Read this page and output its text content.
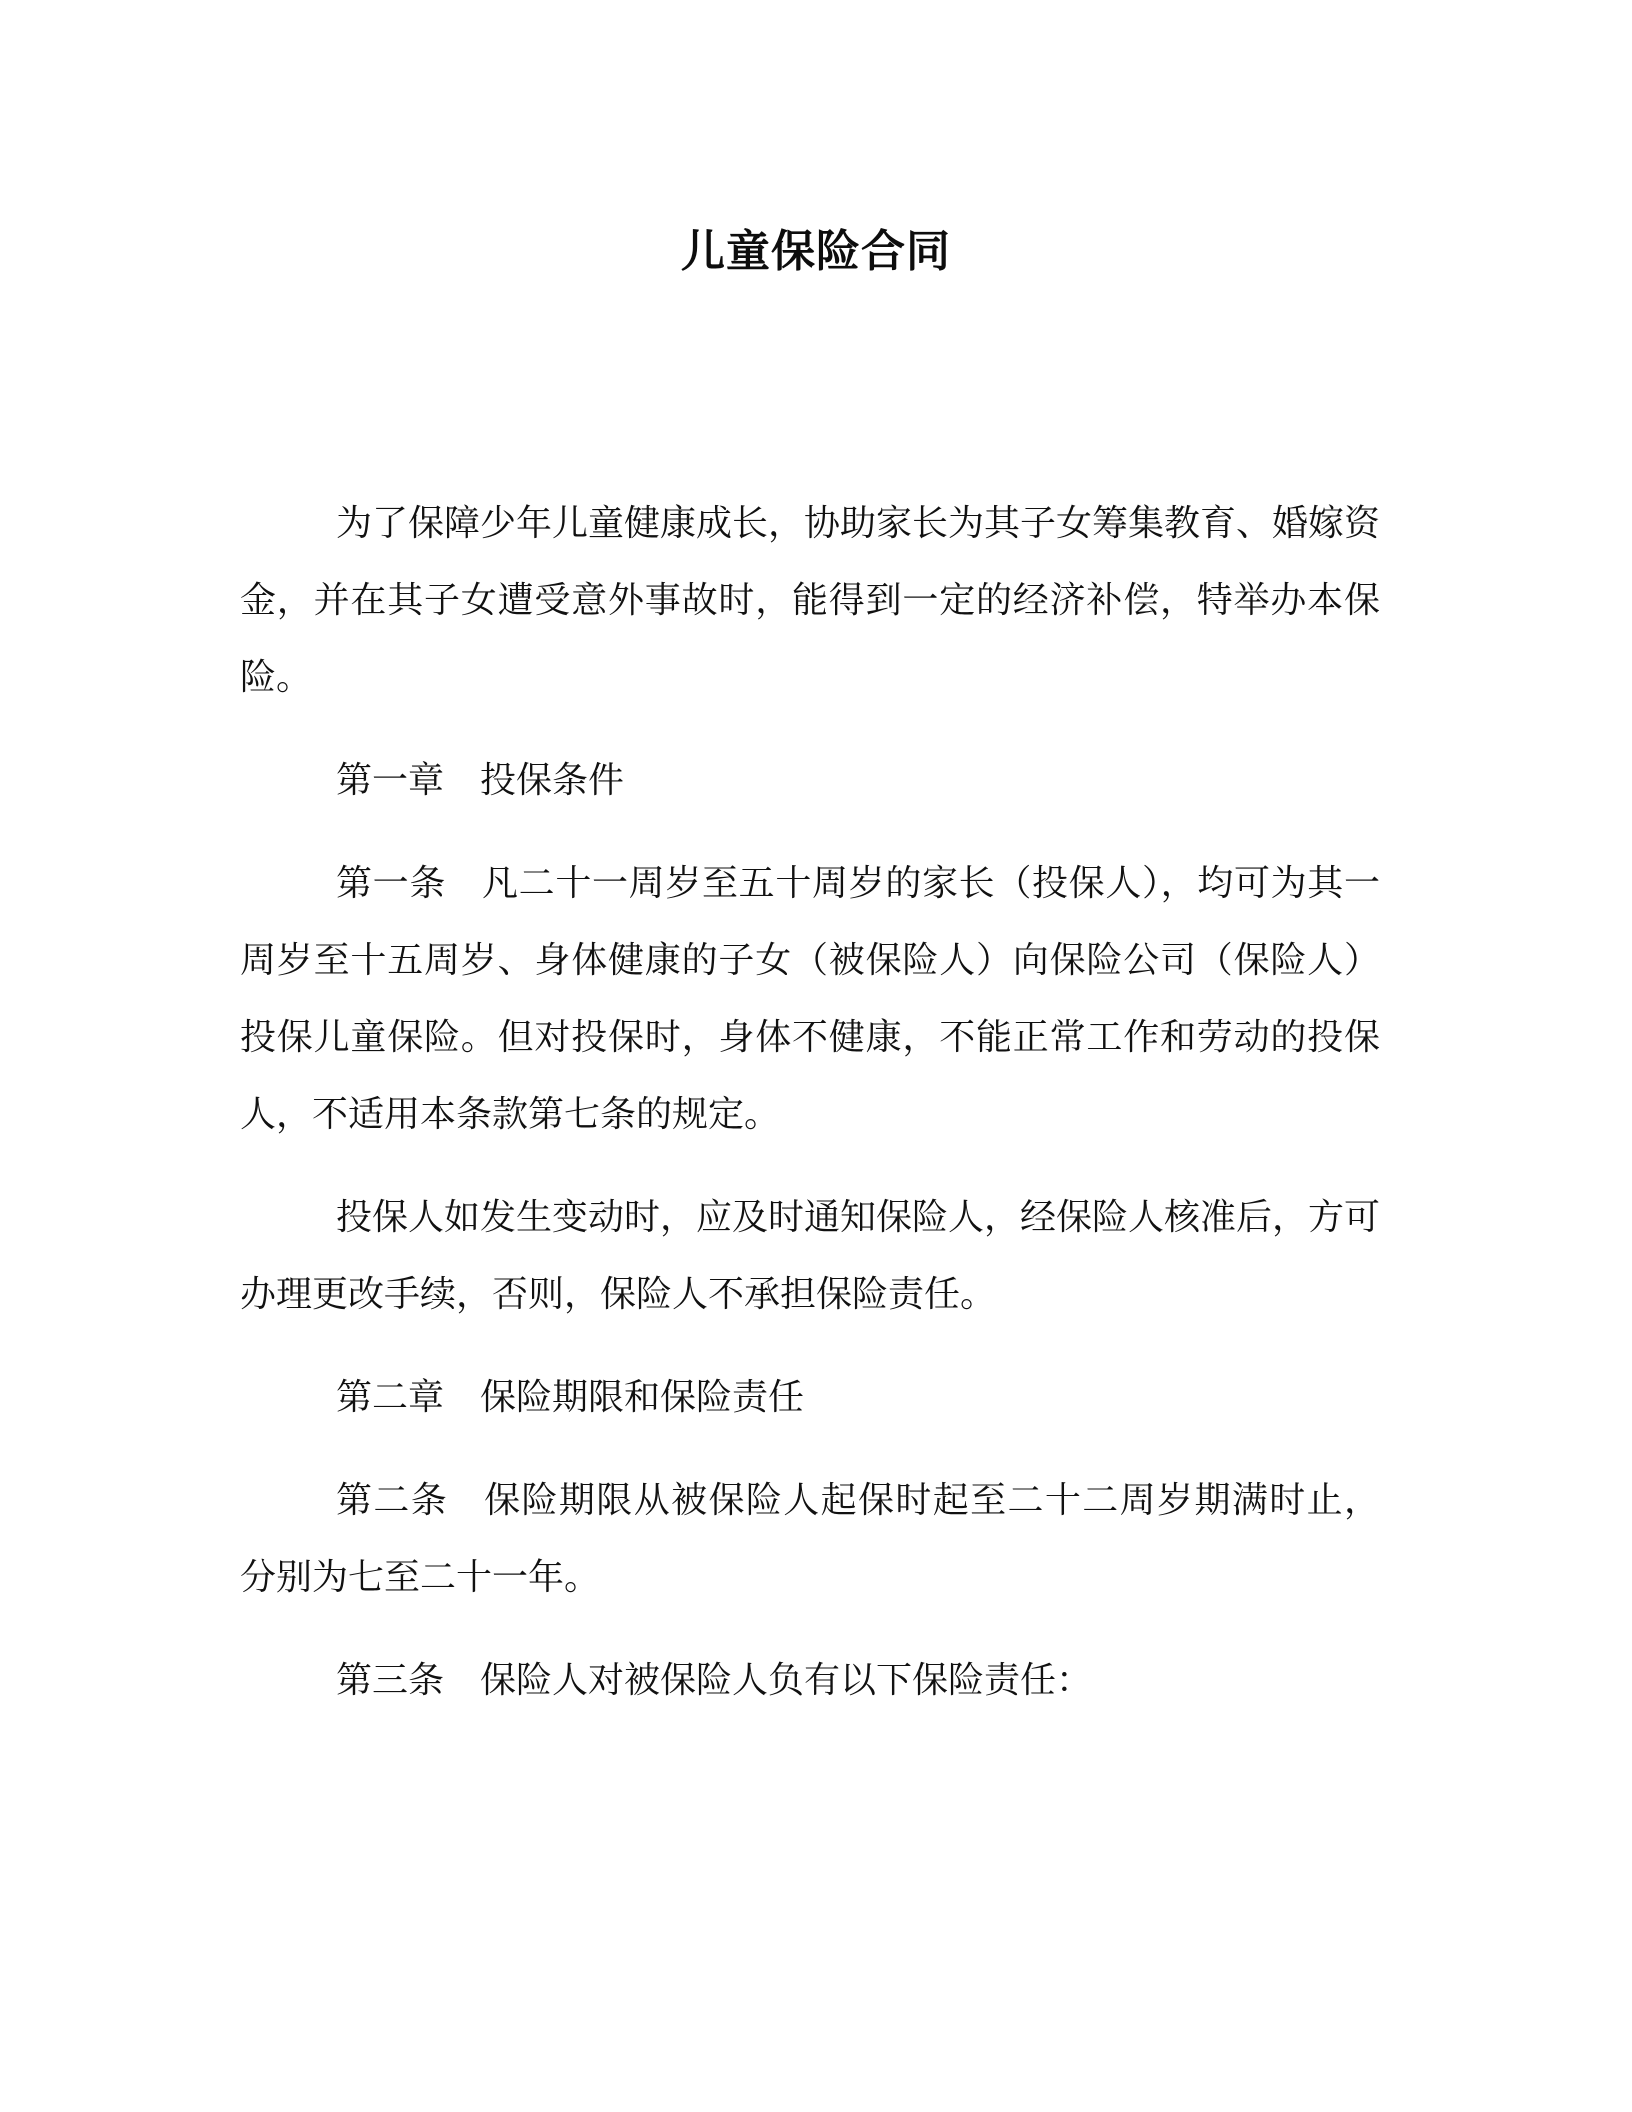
儿童保险合同

为了保障少年儿童健康成长，协助家长为其子女筹集教育、婚嫁资金，并在其子女遭受意外事故时，能得到一定的经济补偿，特举办本保险。

第一章 投保条件

第一条 凡二十一周岁至五十周岁的家长（投保人），均可为其一周岁至十五周岁、身体健康的子女（被保险人）向保险公司（保险人）投保儿童保险。但对投保时，身体不健康，不能正常工作和劳动的投保人，不适用本条款第七条的规定。

投保人如发生变动时，应及时通知保险人，经保险人核准后，方可办理更改手续，否则，保险人不承担保险责任。

第二章 保险期限和保险责任

第二条 保险期限从被保险人起保时起至二十二周岁期满时止，分别为七至二十一年。

第三条 保险人对被保险人负有以下保险责任：
